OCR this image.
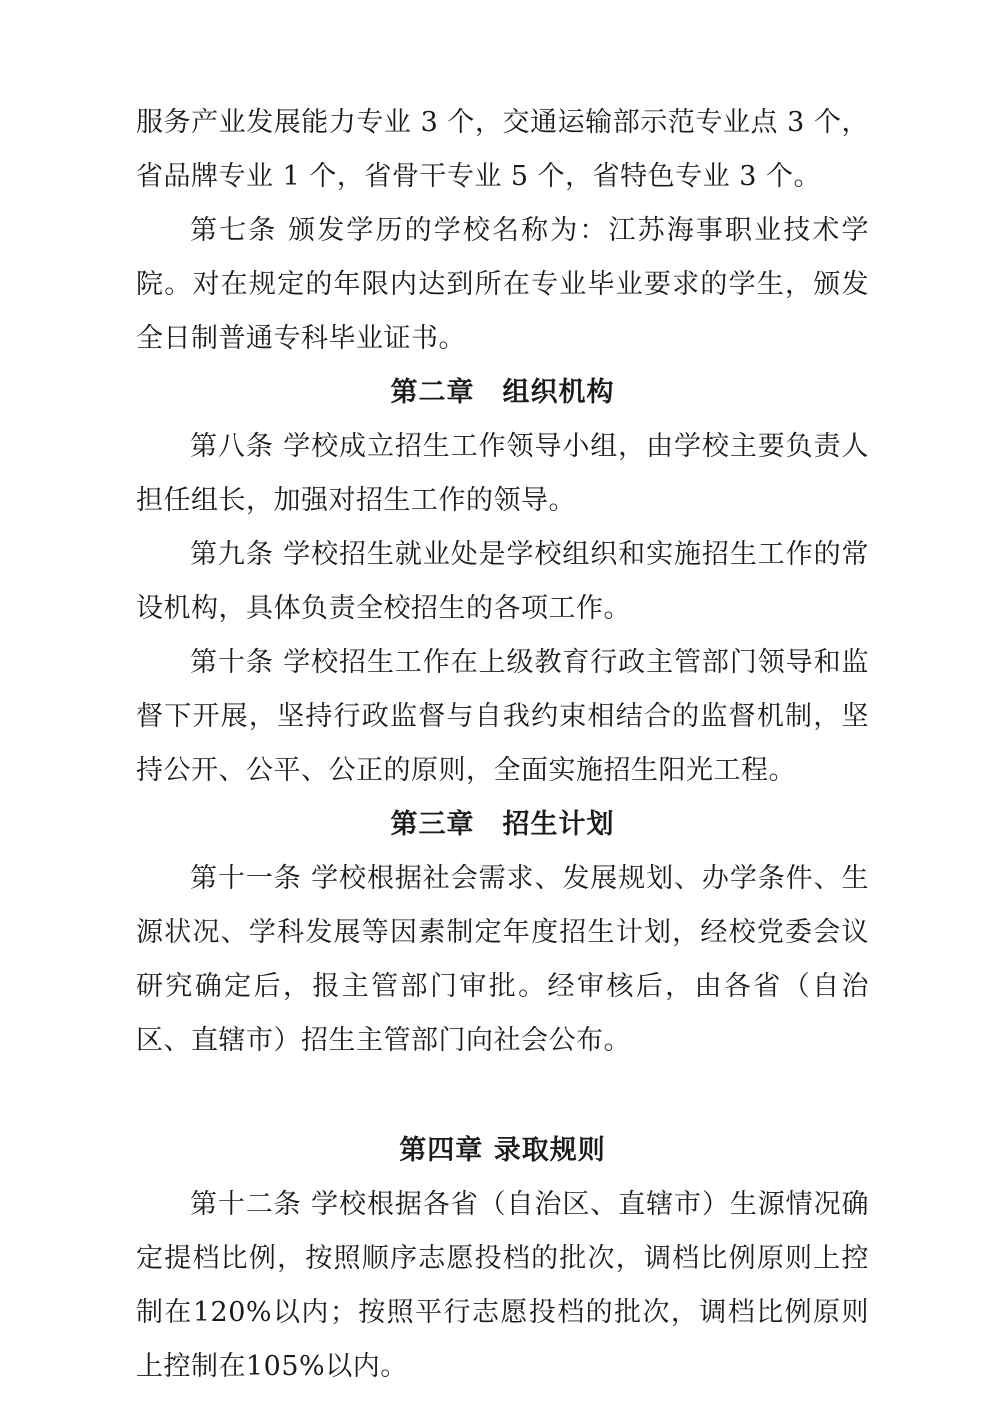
服务产业发展能力专业 3 个，交通运输部示范专业点 3 个，省品牌专业 1 个，省骨干专业 5 个，省特色专业 3 个。

第七条 颁发学历的学校名称为：江苏海事职业技术学院。对在规定的年限内达到所在专业毕业要求的学生，颁发全日制普通专科毕业证书。

第二章　组织机构

第八条 学校成立招生工作领导小组，由学校主要负责人担任组长，加强对招生工作的领导。

第九条 学校招生就业处是学校组织和实施招生工作的常设机构，具体负责全校招生的各项工作。

第十条 学校招生工作在上级教育行政主管部门领导和监督下开展，坚持行政监督与自我约束相结合的监督机制，坚持公开、公平、公正的原则，全面实施招生阳光工程。

第三章　招生计划

第十一条 学校根据社会需求、发展规划、办学条件、生源状况、学科发展等因素制定年度招生计划，经校党委会议研究确定后，报主管部门审批。经审核后，由各省（自治区、直辖市）招生主管部门向社会公布。

第四章 录取规则

第十二条 学校根据各省（自治区、直辖市）生源情况确定提档比例，按照顺序志愿投档的批次，调档比例原则上控制在120%以内；按照平行志愿投档的批次，调档比例原则上控制在105%以内。
